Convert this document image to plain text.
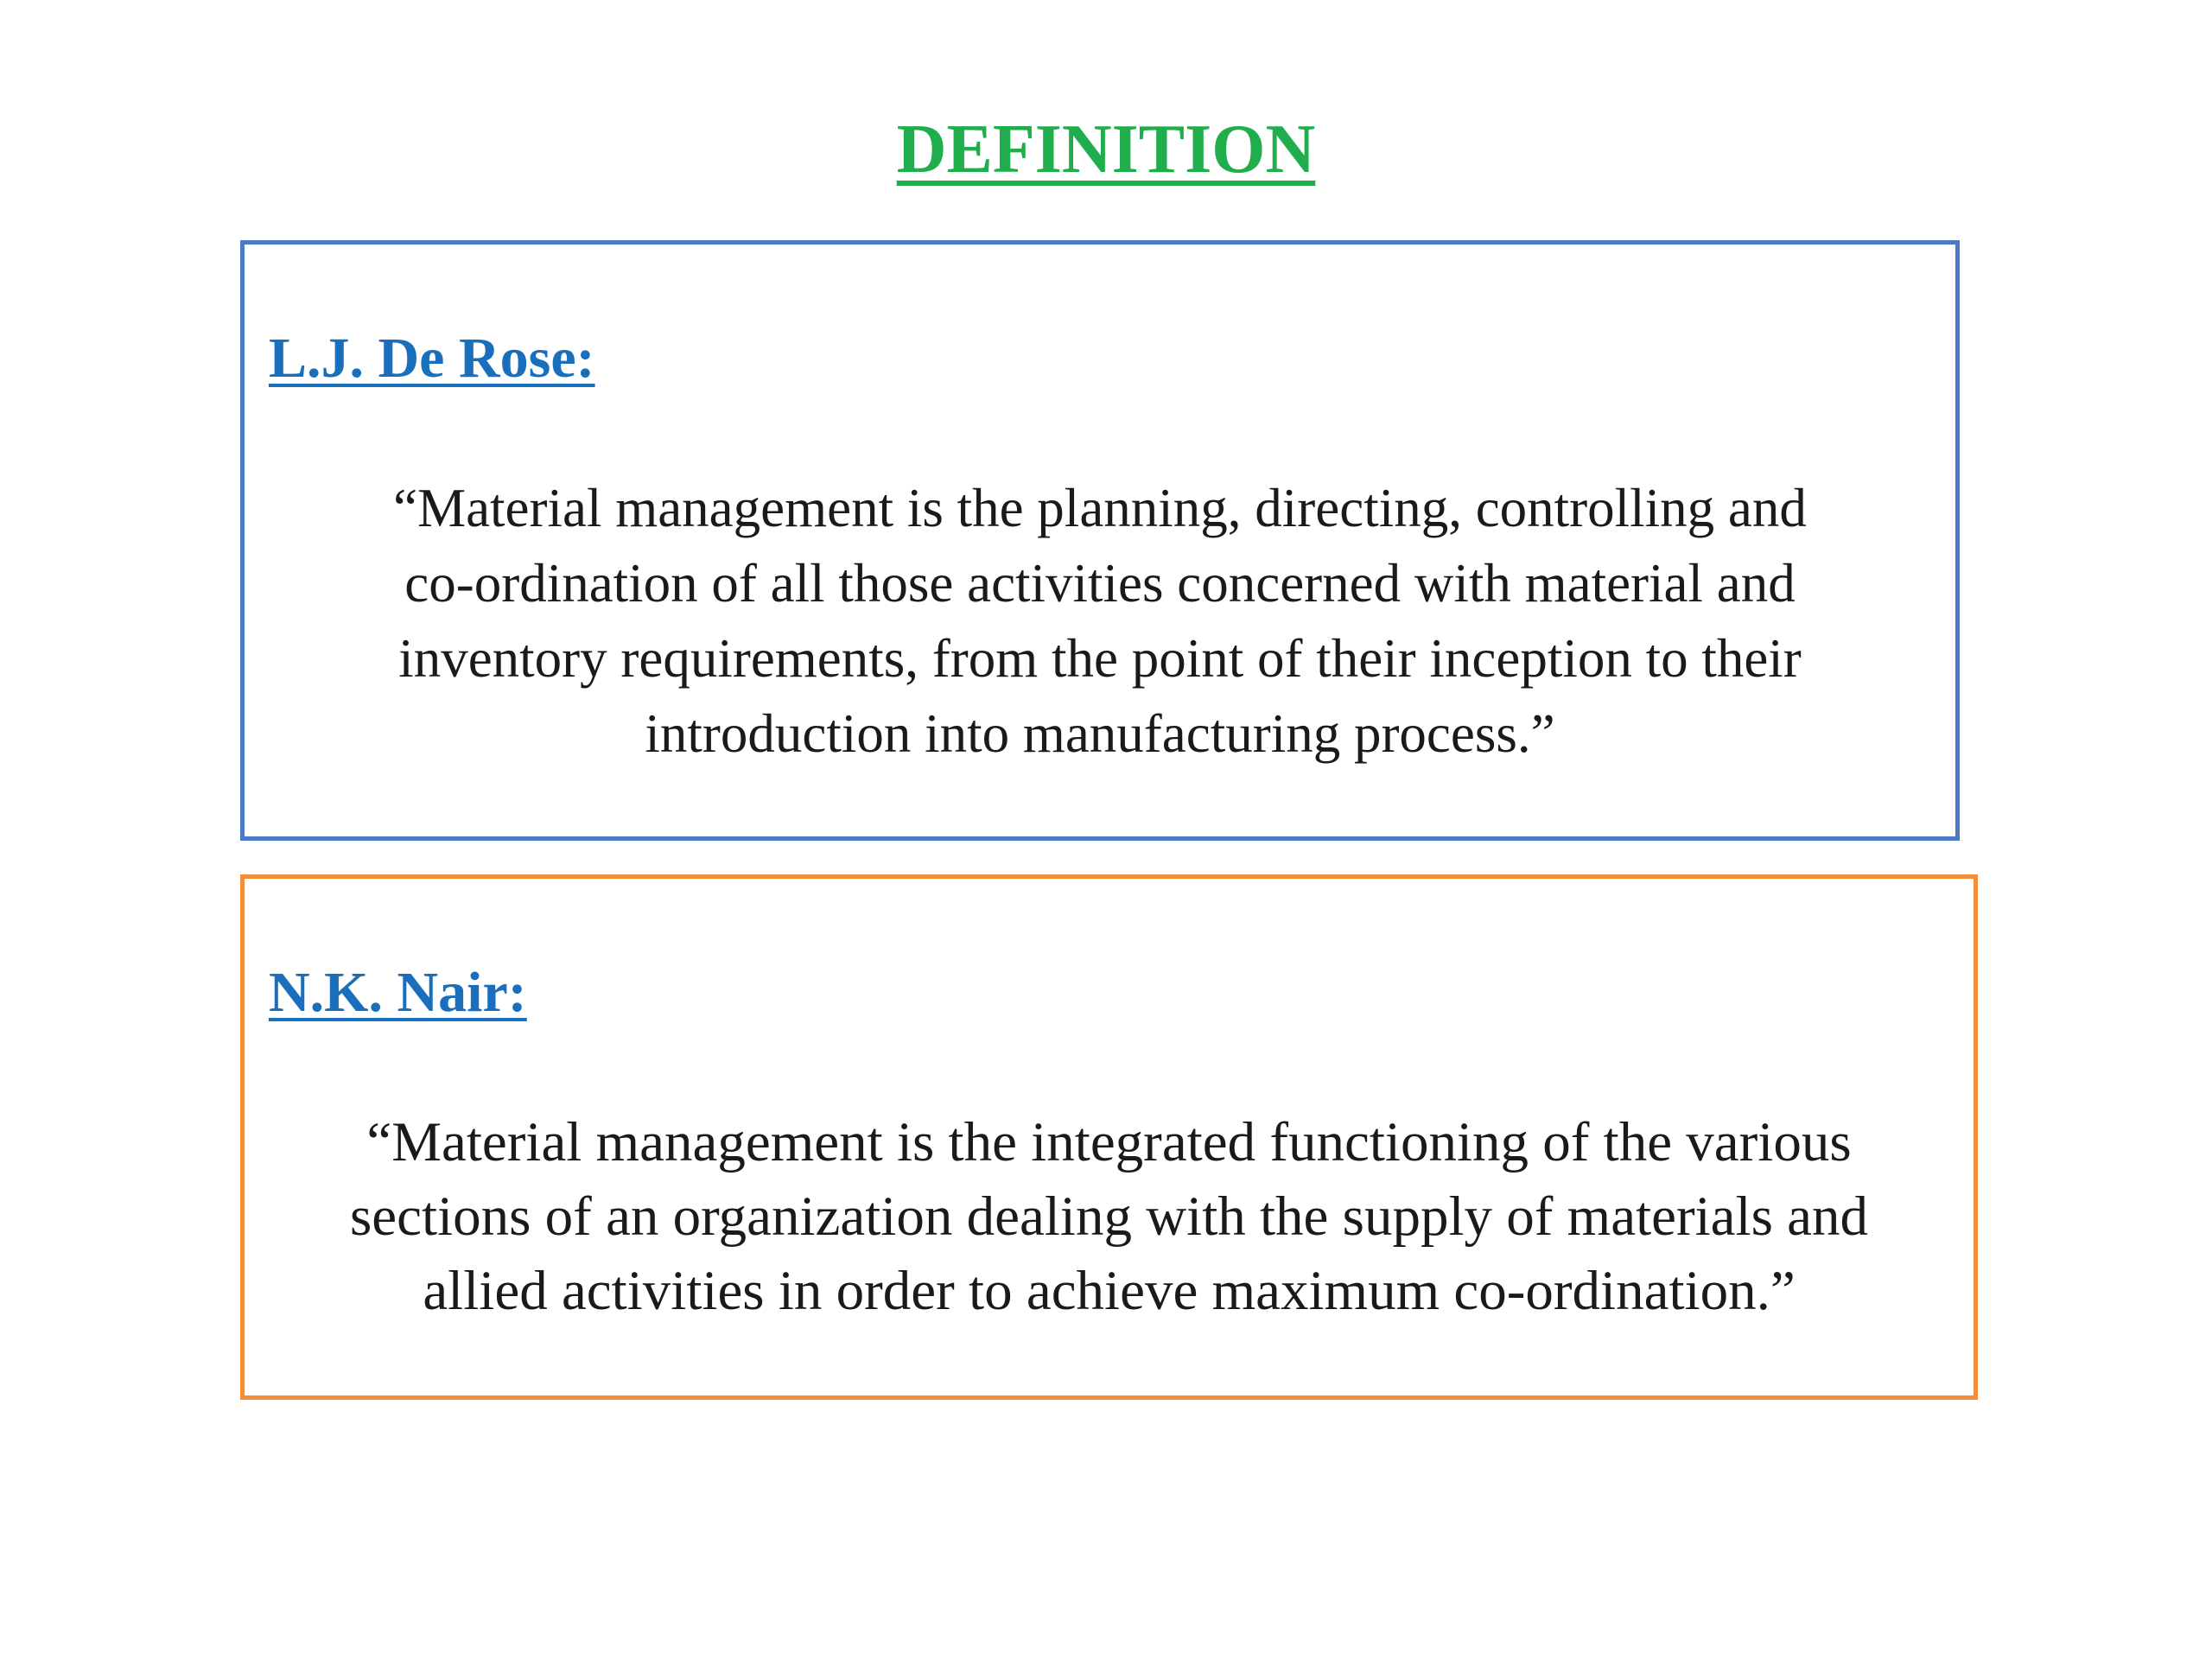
DEFINITION
L.J. De Rose:
“Material management is the planning, directing, controlling and
co-ordination of all those activities concerned with material and
inventory requirements, from the point of their inception to their
introduction into manufacturing process.”
N.K. Nair:
“Material management is the integrated functioning of the various
sections of an organization dealing with the supply of materials and
allied activities in order to achieve maximum co-ordination.”
